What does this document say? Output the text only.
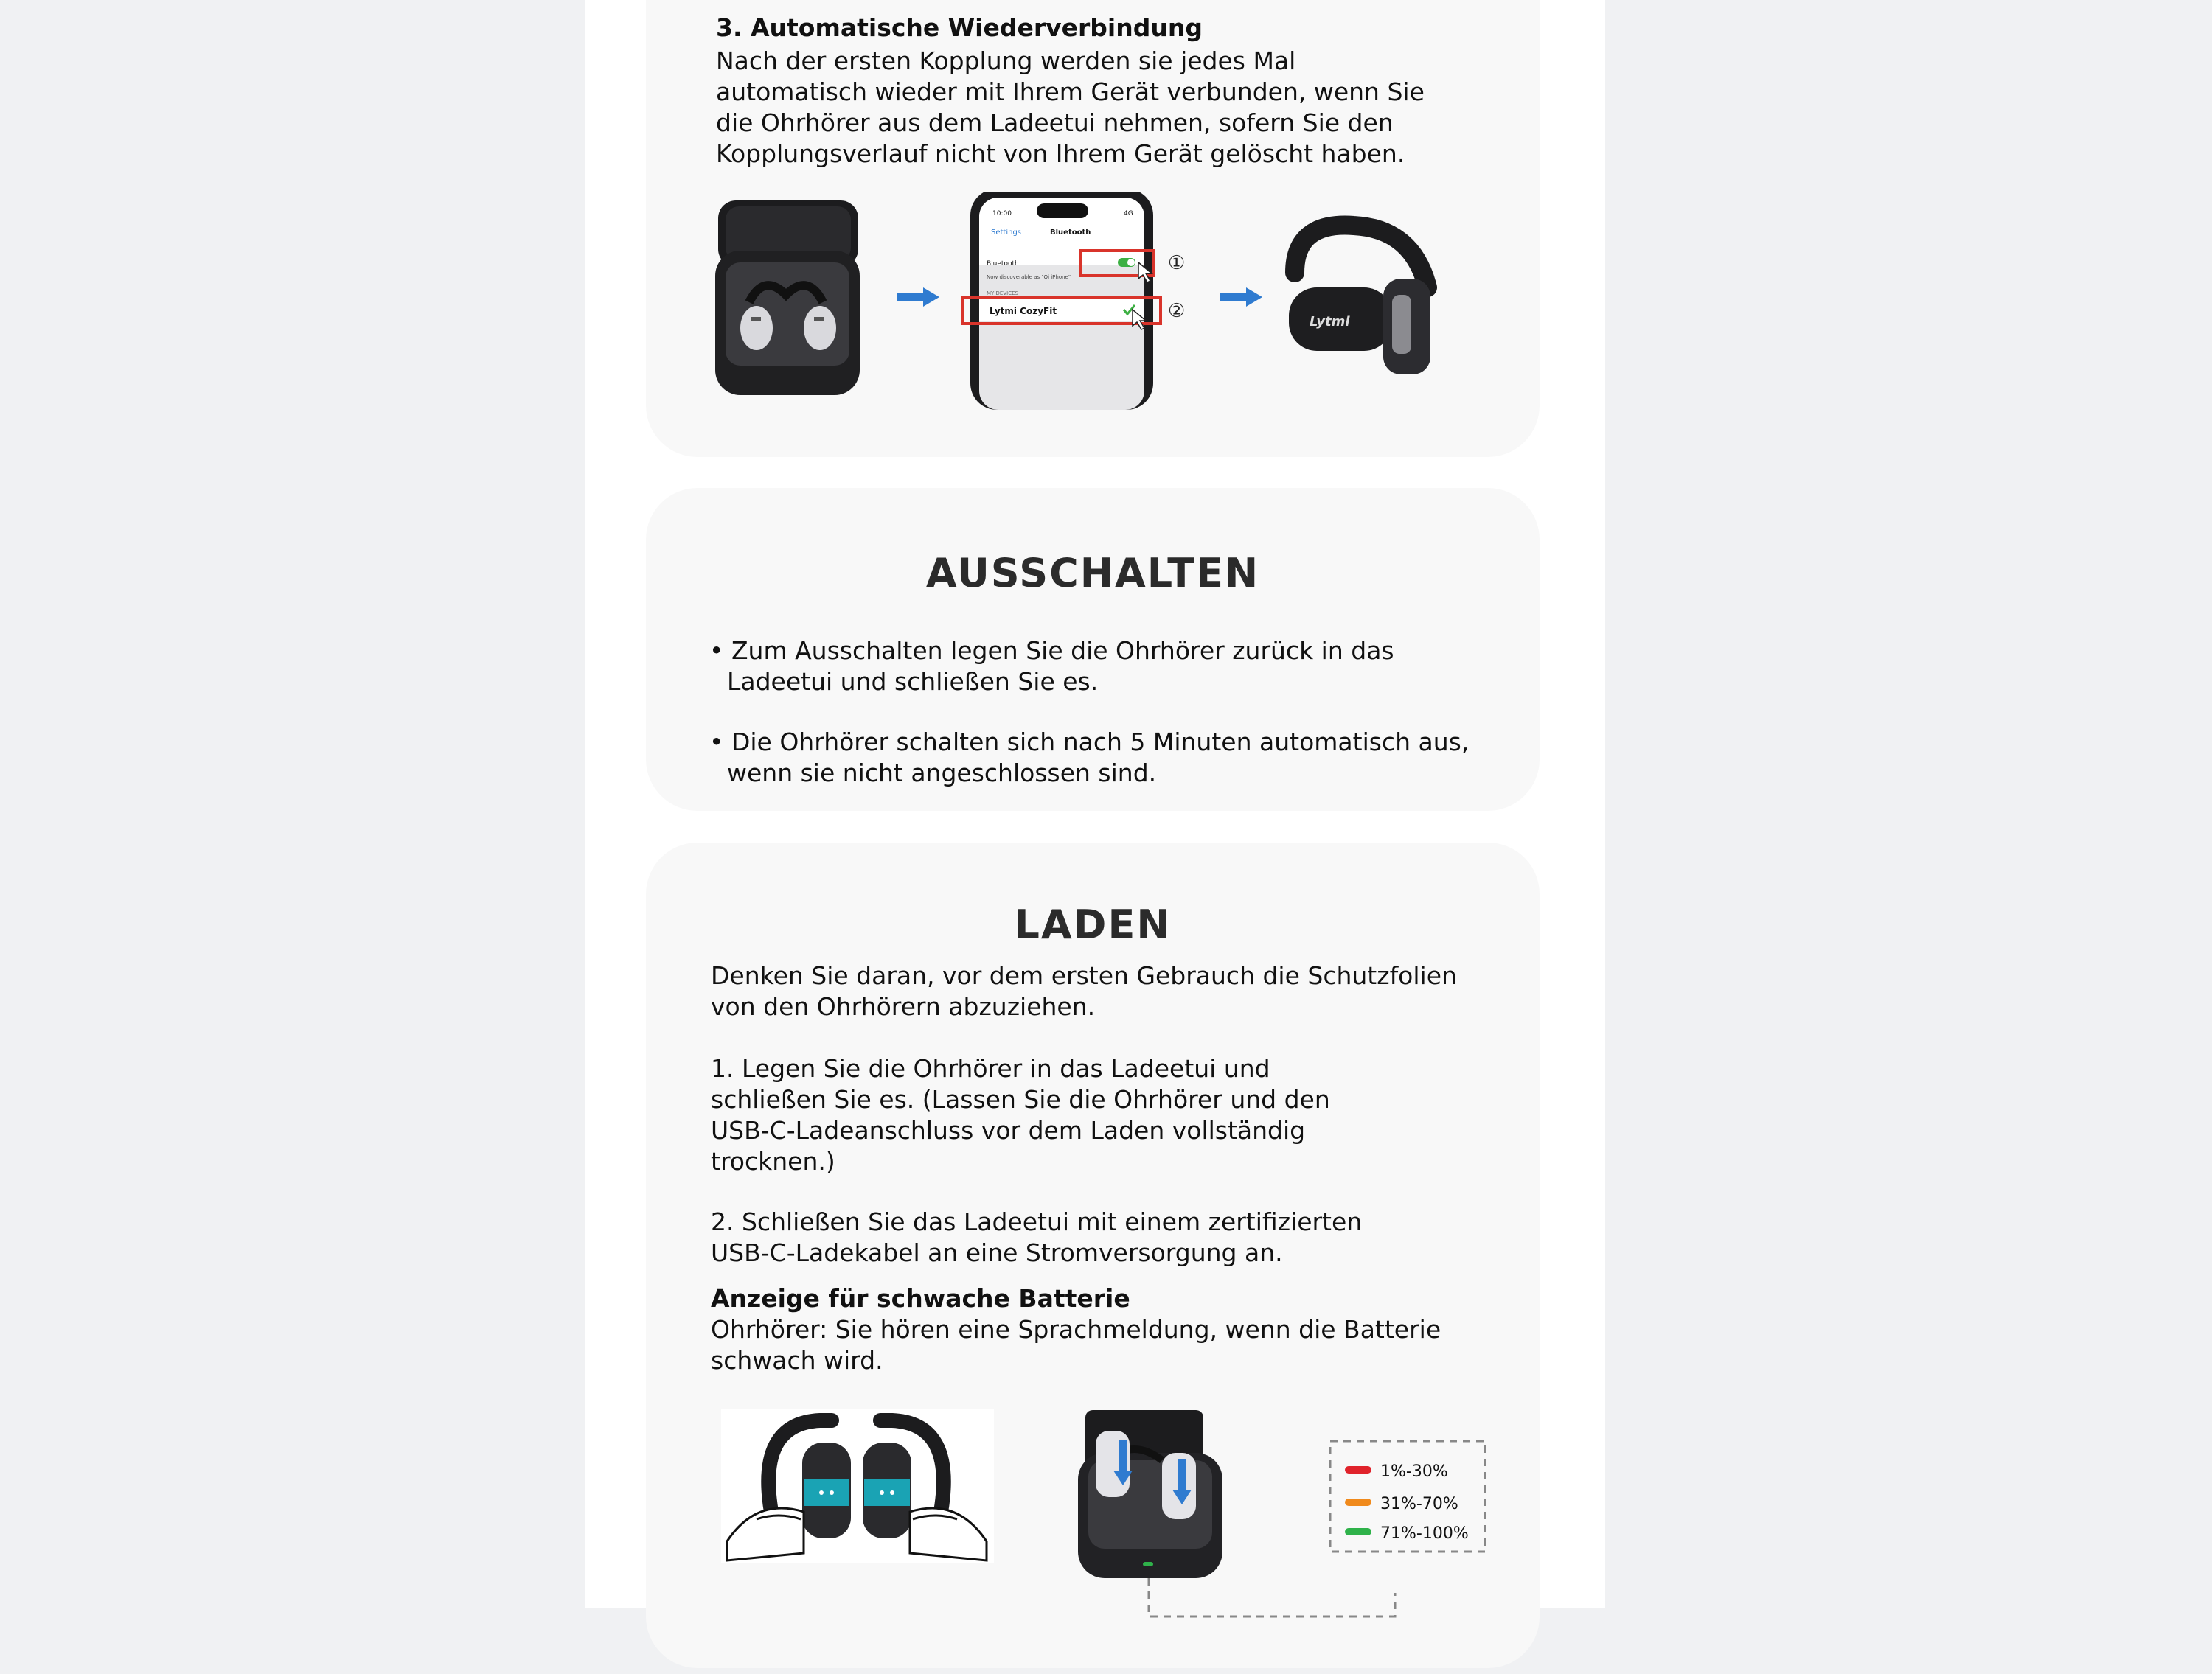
3. Automatische Wiederverbindung

Nach der ersten Kopplung werden sie jedes Mal
automatisch wieder mit Ihrem Gerät verbunden, wenn Sie
die Ohrhörer aus dem Ladeetui nehmen, sofern Sie den
Kopplungsverlauf nicht von Ihrem Gerät gelöscht haben.

10:00	4G
Settings	Bluetooth
Bluetooth
Now discoverable as "Qi iPhone"
MY DEVICES
Lytmi CozyFit
①
②	Lytmi
AUSSCHALTEN

• Zum Ausschalten legen Sie die Ohrhörer zurück in das
Ladeetui und schließen Sie es.

• Die Ohrhörer schalten sich nach 5 Minuten automatisch aus,
wenn sie nicht angeschlossen sind.

LADEN

Denken Sie daran, vor dem ersten Gebrauch die Schutzfolien
von den Ohrhörern abzuziehen.

1. Legen Sie die Ohrhörer in das Ladeetui und
schließen Sie es. (Lassen Sie die Ohrhörer und den
USB-C-Ladeanschluss vor dem Laden vollständig
trocknen.)

2. Schließen Sie das Ladeetui mit einem zertifizierten
USB-C-Ladekabel an eine Stromversorgung an.

Anzeige für schwache Batterie

Ohrhörer: Sie hören eine Sprachmeldung, wenn die Batterie
schwach wird.

1%-30%
31%-70%
71%-100%
